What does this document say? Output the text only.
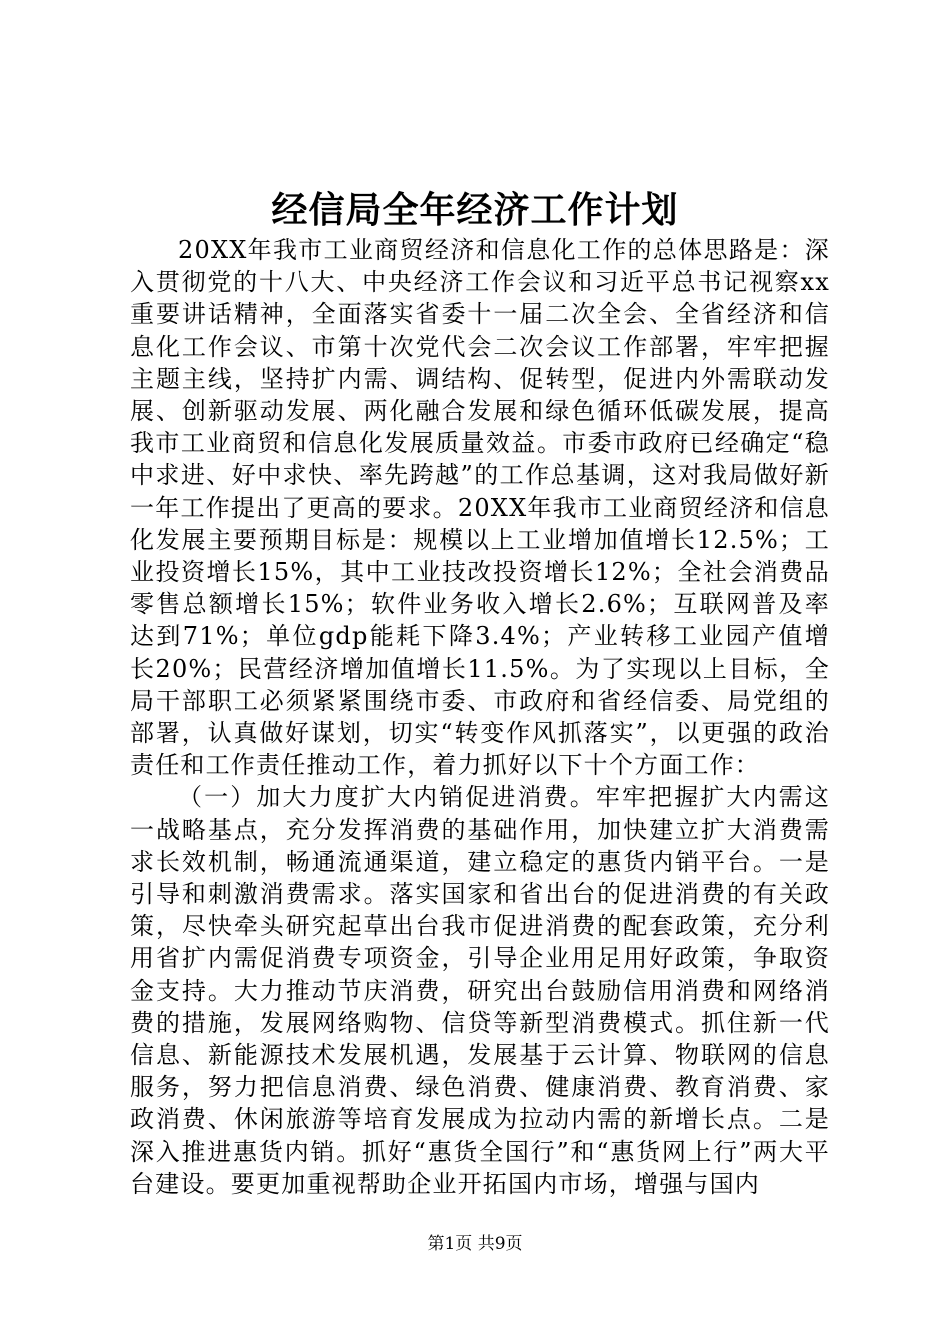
经信局全年经济工作计划

20XX年我市工业商贸经济和信息化工作的总体思路是：深入贯彻党的十八大、中央经济工作会议和习近平总书记视察xx重要讲话精神，全面落实省委十一届二次全会、全省经济和信息化工作会议、市第十次党代会二次会议工作部署，牢牢把握主题主线，坚持扩内需、调结构、促转型，促进内外需联动发展、创新驱动发展、两化融合发展和绿色循环低碳发展，提高我市工业商贸和信息化发展质量效益。市委市政府已经确定“稳中求进、好中求快、率先跨越”的工作总基调，这对我局做好新一年工作提出了更高的要求。20XX年我市工业商贸经济和信息化发展主要预期目标是：规模以上工业增加值增长12.5%；工业投资增长15%，其中工业技改投资增长12%；全社会消费品零售总额增长15%；软件业务收入增长2.6%；互联网普及率达到71%；单位gdp能耗下降3.4%；产业转移工业园产值增长20%；民营经济增加值增长11.5%。为了实现以上目标，全局干部职工必须紧紧围绕市委、市政府和省经信委、局党组的部署，认真做好谋划，切实“转变作风抓落实”，以更强的政治责任和工作责任推动工作，着力抓好以下十个方面工作：

（一）加大力度扩大内销促进消费。牢牢把握扩大内需这一战略基点，充分发挥消费的基础作用，加快建立扩大消费需求长效机制，畅通流通渠道，建立稳定的惠货内销平台。一是引导和刺激消费需求。落实国家和省出台的促进消费的有关政策，尽快牵头研究起草出台我市促进消费的配套政策，充分利用省扩内需促消费专项资金，引导企业用足用好政策，争取资金支持。大力推动节庆消费，研究出台鼓励信用消费和网络消费的措施，发展网络购物、信贷等新型消费模式。抓住新一代信息、新能源技术发展机遇，发展基于云计算、物联网的信息服务，努力把信息消费、绿色消费、健康消费、教育消费、家政消费、休闲旅游等培育发展成为拉动内需的新增长点。二是深入推进惠货内销。抓好“惠货全国行”和“惠货网上行”两大平台建设。要更加重视帮助企业开拓国内市场，增强与国内

第1页 共9页
